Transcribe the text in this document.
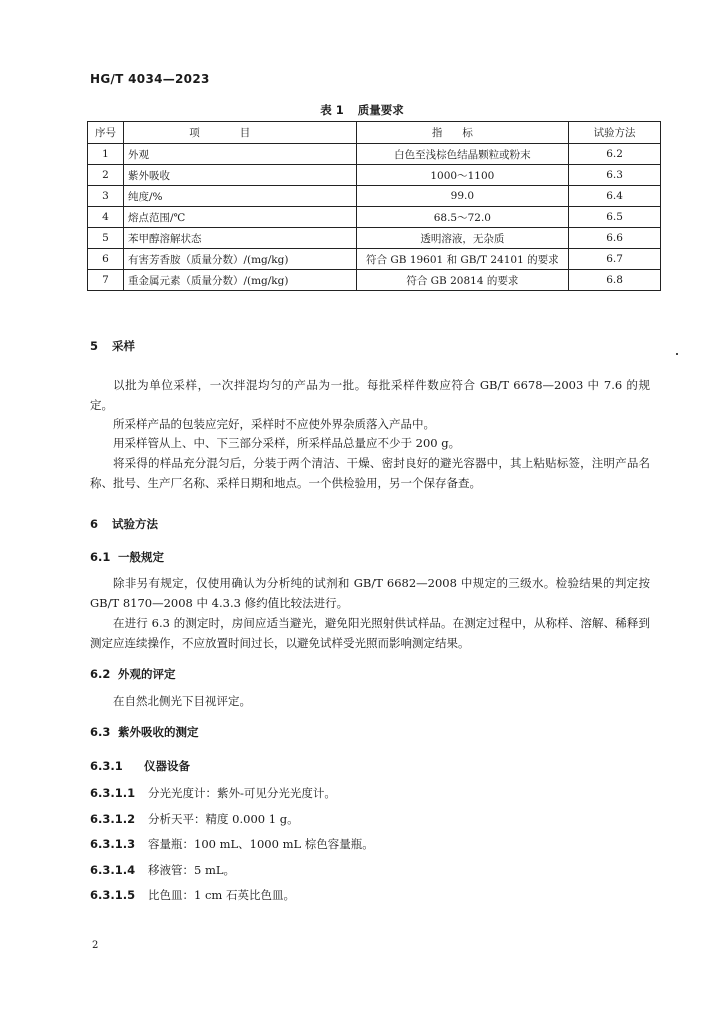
HG/T 4034—2023
表 1 质量要求
序号	项目	指标	试验方法
1	外观	白色至浅棕色结晶颗粒或粉末	6.2
2	紫外吸收	1000～1100	6.3
3	纯度/%	99.0	6.4
4	熔点范围/℃	68.5～72.0	6.5
5	苯甲醇溶解状态	透明溶液，无杂质	6.6
6	有害芳香胺（质量分数）/(mg/kg)	符合 GB 19601 和 GB/T 24101 的要求	6.7
7	重金属元素（质量分数）/(mg/kg)	符合 GB 20814 的要求	6.8
5 采样
以批为单位采样，一次拌混均匀的产品为一批。每批采样件数应符合 GB/T 6678—2003 中 7.6 的规定。
所采样产品的包装应完好，采样时不应使外界杂质落入产品中。
用采样管从上、中、下三部分采样，所采样品总量应不少于 200 g。
将采得的样品充分混匀后，分装于两个清洁、干燥、密封良好的避光容器中，其上粘贴标签，注明产品名称、批号、生产厂名称、采样日期和地点。一个供检验用，另一个保存备查。
6 试验方法
6.1 一般规定
除非另有规定，仅使用确认为分析纯的试剂和 GB/T 6682—2008 中规定的三级水。检验结果的判定按 GB/T 8170—2008 中 4.3.3 修约值比较法进行。
在进行 6.3 的测定时，房间应适当避光，避免阳光照射供试样品。在测定过程中，从称样、溶解、稀释到测定应连续操作，不应放置时间过长，以避免试样受光照而影响测定结果。
6.2 外观的评定
在自然北侧光下目视评定。
6.3 紫外吸收的测定
6.3.1 仪器设备
6.3.1.1 分光光度计：紫外-可见分光光度计。
6.3.1.2 分析天平：精度 0.000 1 g。
6.3.1.3 容量瓶：100 mL、1000 mL 棕色容量瓶。
6.3.1.4 移液管：5 mL。
6.3.1.5 比色皿：1 cm 石英比色皿。
2
